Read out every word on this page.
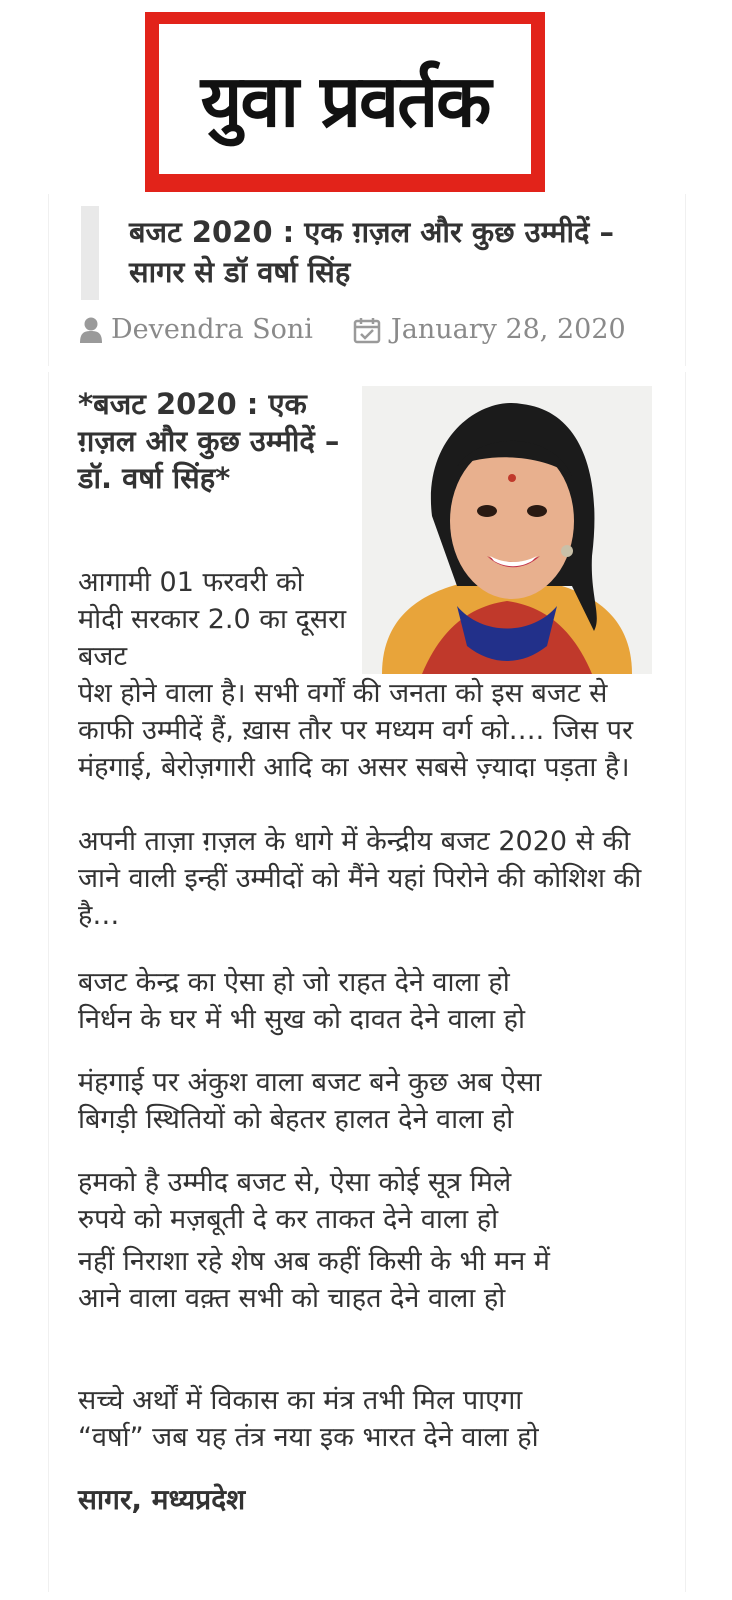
युवा प्रवर्तक
बजट 2020 : एक ग़ज़ल और कुछ उम्मीदें – सागर से डॉ वर्षा सिंह
Devendra Soni	January 28, 2020
*बजट 2020 : एक ग़ज़ल और कुछ उम्मीदें – डॉ. वर्षा सिंह*

आगामी 01 फरवरी को मोदी सरकार 2.0 का दूसरा बजट

पेश होने वाला है। सभी वर्गों की जनता को इस बजट से काफी उम्मीदें हैं, ख़ास तौर पर मध्यम वर्ग को…. जिस पर मंहगाई, बेरोज़गारी आदि का असर सबसे ज़्यादा पड़ता है।

अपनी ताज़ा ग़ज़ल के धागे में केन्द्रीय बजट 2020 से की जाने वाली इन्हीं उम्मीदों को मैंने यहां पिरोने की कोशिश की है…

बजट केन्द्र का ऐसा हो जो राहत देने वाला हो

निर्धन के घर में भी सुख को दावत देने वाला हो

मंहगाई पर अंकुश वाला बजट बने कुछ अब ऐसा

बिगड़ी स्थितियों को बेहतर हालत देने वाला हो

हमको है उम्मीद बजट से, ऐसा कोई सूत्र मिले

रुपये को मज़बूती दे कर ताकत देने वाला हो

नहीं निराशा रहे शेष अब कहीं किसी के भी मन में

आने वाला वक़्त सभी को चाहत देने वाला हो

सच्चे अर्थों में विकास का मंत्र तभी मिल पाएगा

“वर्षा” जब यह तंत्र नया इक भारत देने वाला हो

सागर, मध्यप्रदेश
